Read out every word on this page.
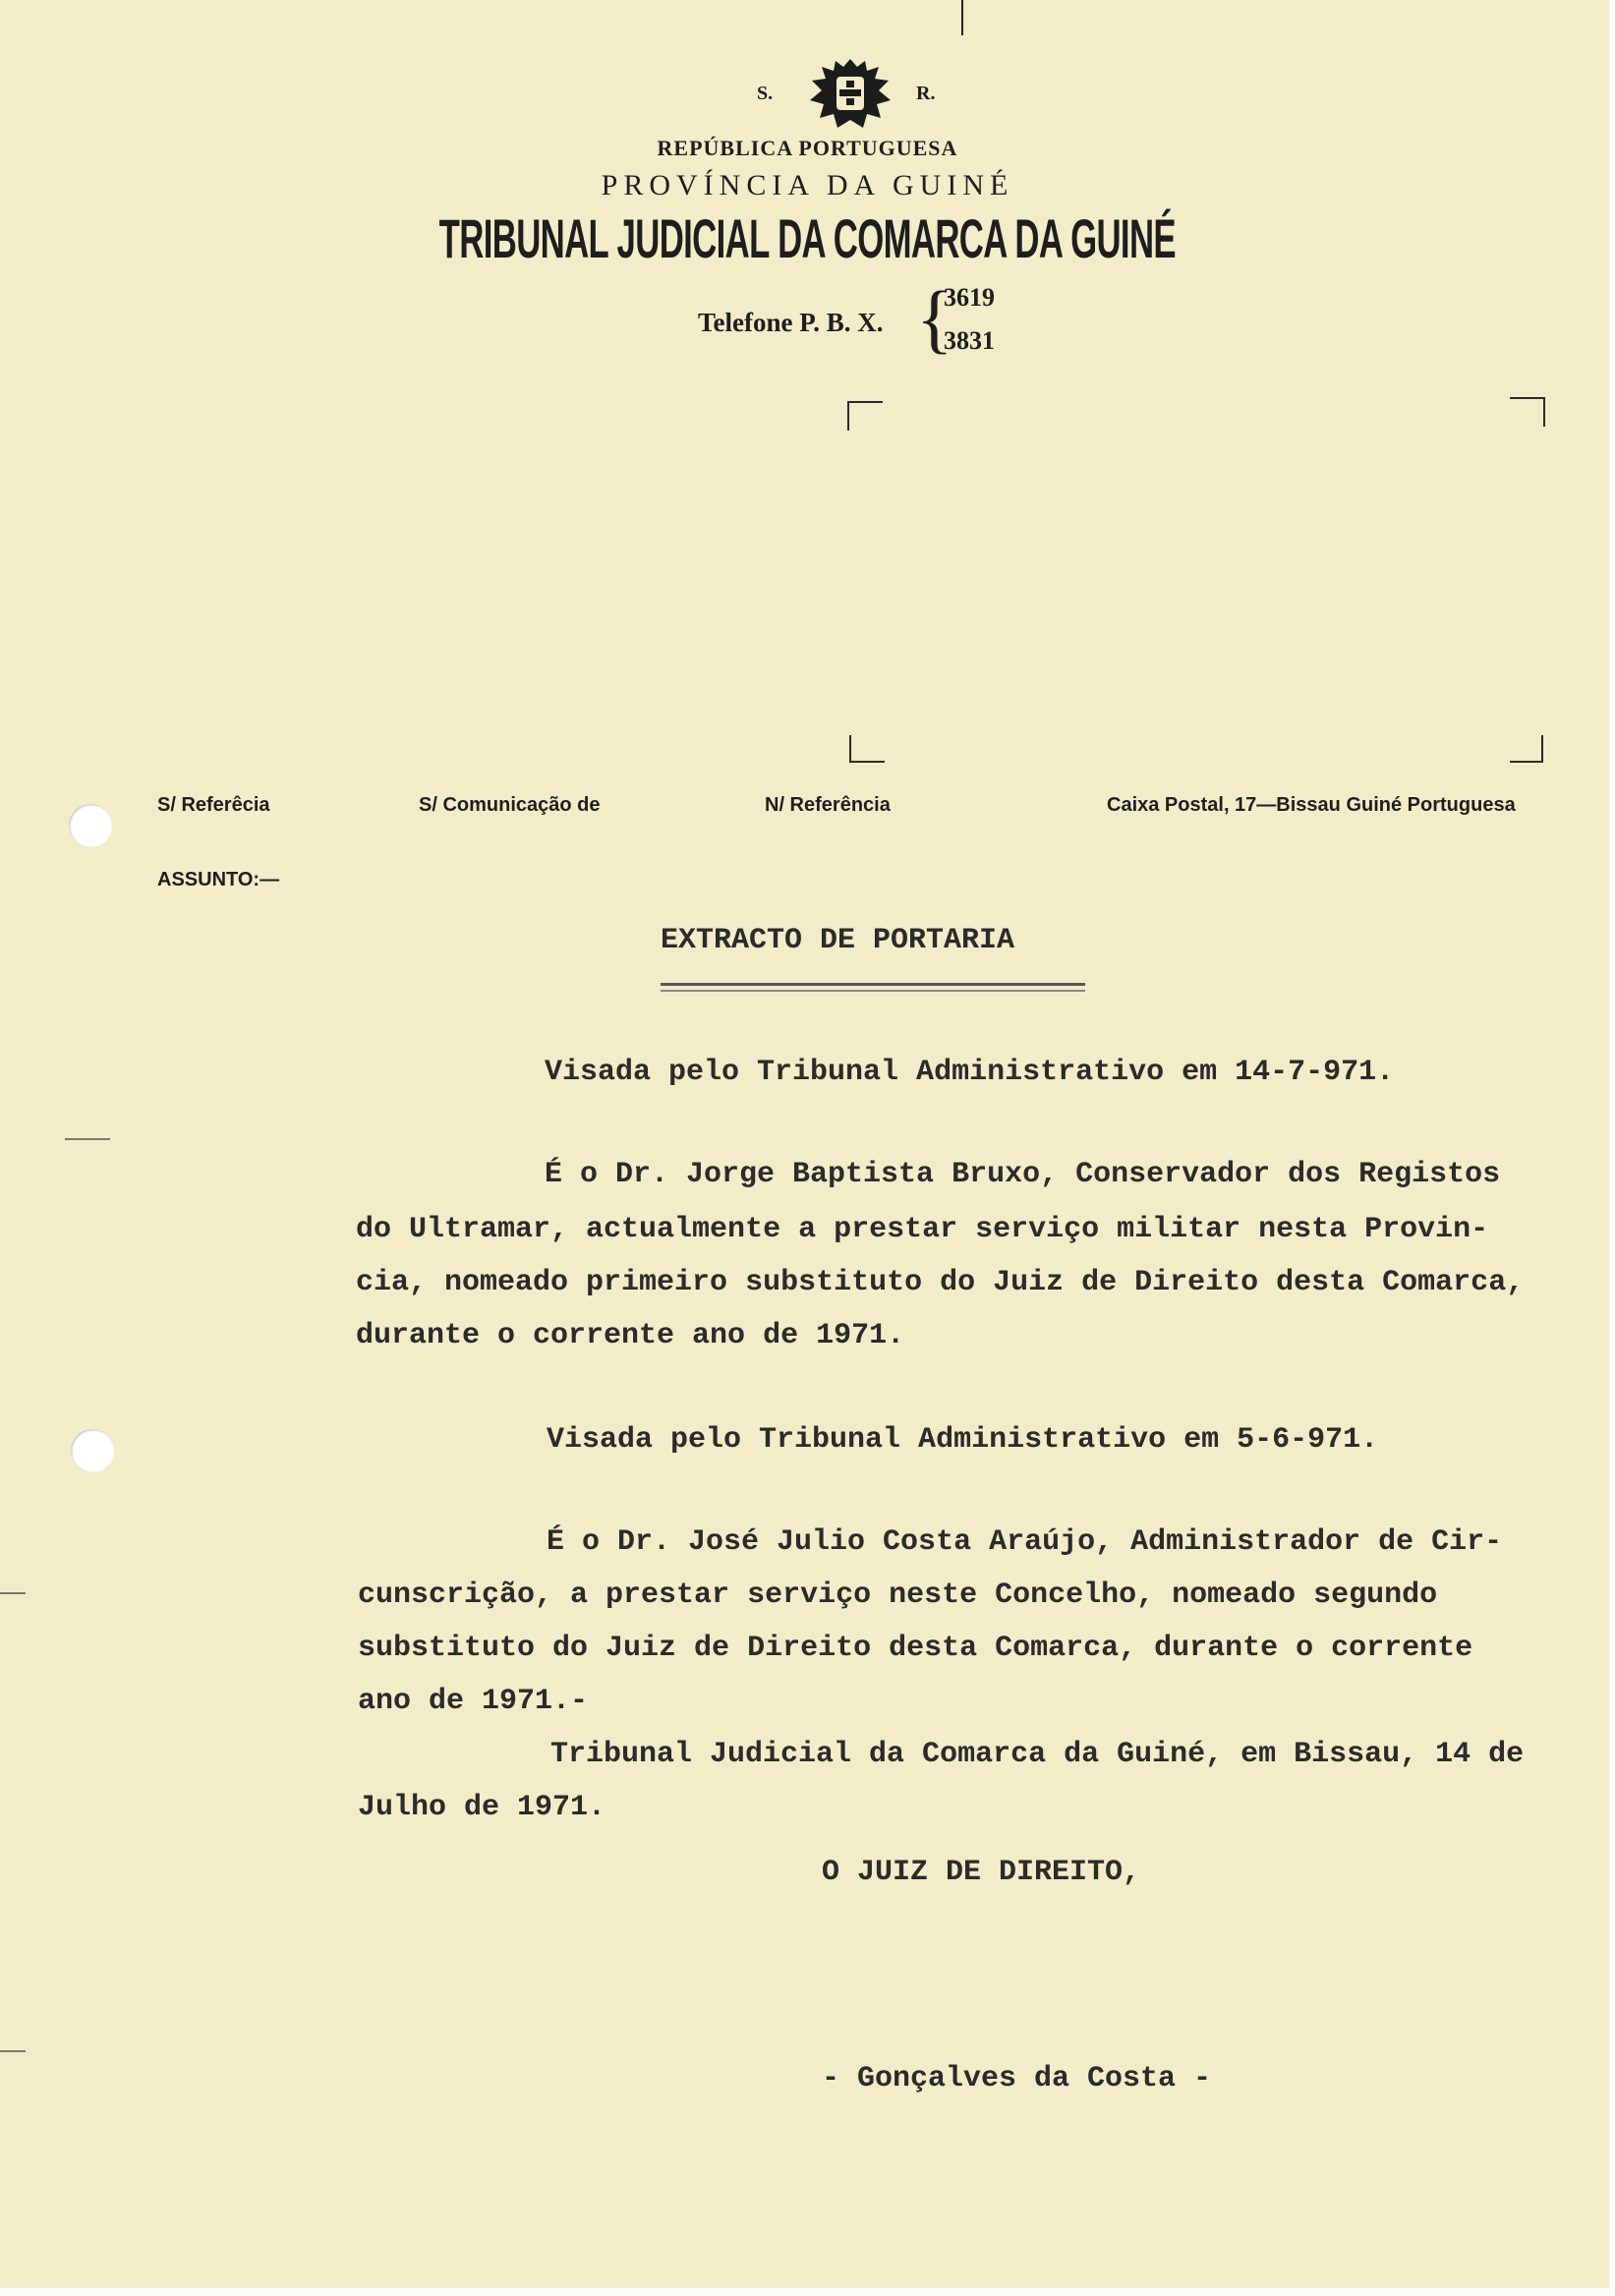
S.	R.
REPÚBLICA PORTUGUESA
PROVÍNCIA DA GUINÉ
TRIBUNAL JUDICIAL DA COMARCA DA GUINÉ
Telefone P. B. X. {
3619
3831
S/ Referêcia	S/ Comunicação de	N/ Referência	Caixa Postal, 17—Bissau Guiné Portuguesa
ASSUNTO:—
EXTRACTO DE PORTARIA
Visada pelo Tribunal Administrativo em 14-7-971.
É o Dr. Jorge Baptista Bruxo, Conservador dos Registos
do Ultramar, actualmente a prestar serviço militar nesta Provin-
cia, nomeado primeiro substituto do Juiz de Direito desta Comarca,
durante o corrente ano de 1971.
Visada pelo Tribunal Administrativo em 5-6-971.
É o Dr. José Julio Costa Araújo, Administrador de Cir-
cunscrição, a prestar serviço neste Concelho, nomeado segundo
substituto do Juiz de Direito desta Comarca, durante o corrente
ano de 1971.-
Tribunal Judicial da Comarca da Guiné, em Bissau, 14 de
Julho de 1971.
O JUIZ DE DIREITO,
- Gonçalves da Costa -
